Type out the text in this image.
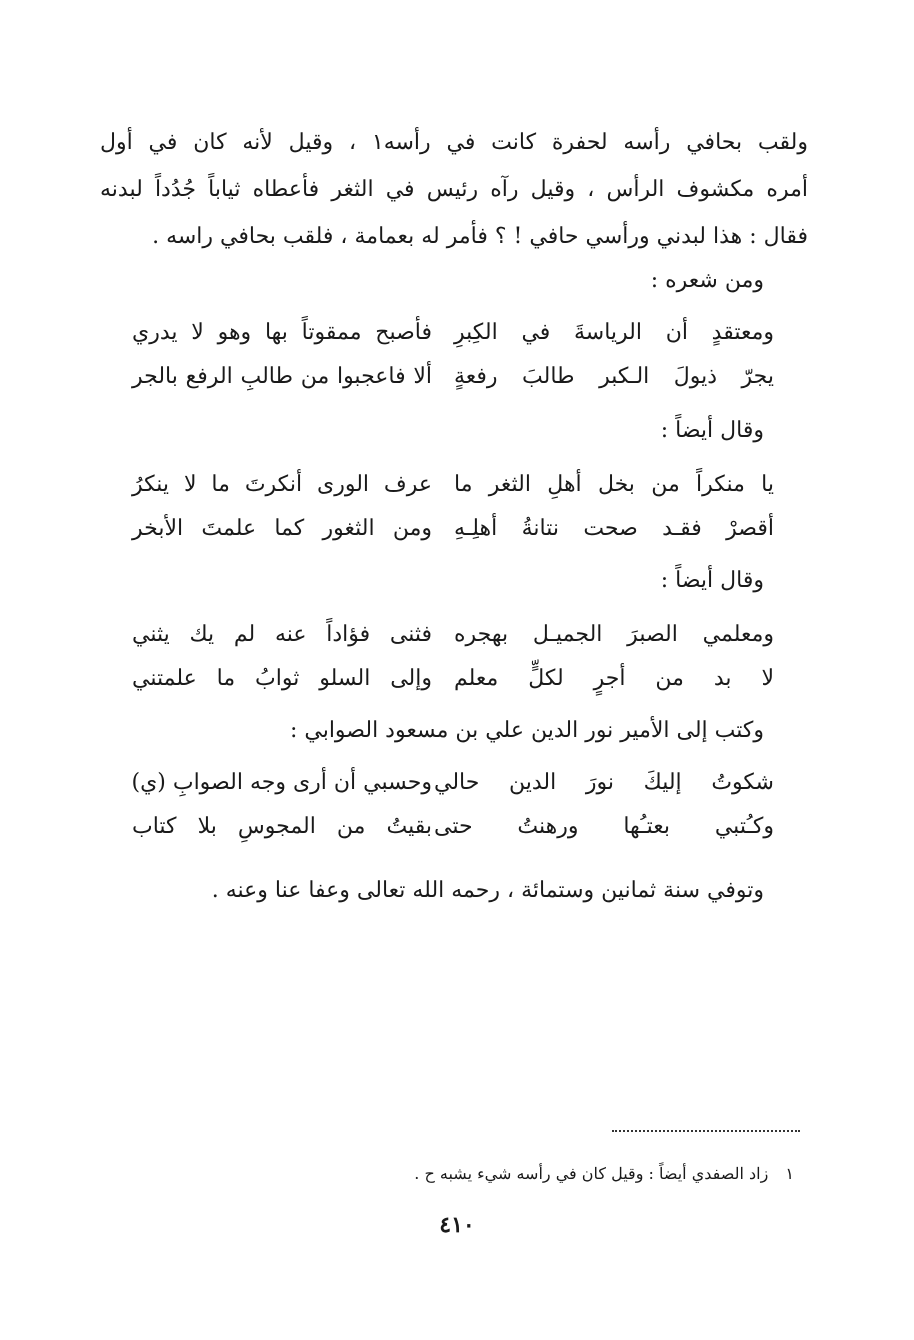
ولقب بحافي رأسه لحفرة كانت في رأسه١ ، وقيل لأنه كان في أول
أمره مكشوف الرأس ، وقيل رآه رئيس في الثغر فأعطاه ثياباً جُدُداً لبدنه
فقال : هذا لبدني ورأسي حافي ! ؟ فأمر له بعمامة ، فلقب بحافي راسه .
ومن شعره :
ومعتقدٍ أن الرياسةَ في الكِبرِ
فأصبح ممقوتاً بها وهو لا يدري
يجرّ ذيولَ الـكبر طالبَ رفعةٍ
ألا فاعجبوا من طالبِ الرفع بالجر
وقال أيضاً :
يا منكراً من بخل أهلِ الثغر ما
عرف الورى أنكرتَ ما لا ينكرُ
أقصرْ فقـد صحت نتانةُ أهلِـهِ
ومن الثغور كما علمتَ الأبخر
وقال أيضاً :
ومعلمي الصبرَ الجميـل بهجره
فثنى فؤاداً عنه لم يك يثني
لا بد من أجرٍ لكلٍّ معلم
وإلى السلو ثوابُ ما علمتني
وكتب إلى الأمير نور الدين علي بن مسعود الصوابي :
شكوتُ إليكَ نورَ الدين حالي
وحسبي أن أرى وجه الصوابِ (ي)
وكـُتبي بعتـُها ورهنتُ حتى
بقيتُ من المجوسِ بلا كتاب
وتوفي سنة ثمانين وستمائة ، رحمه الله تعالى وعفا عنا وعنه .
١ زاد الصفدي أيضاً : وقيل كان في رأسه شيء يشبه ح .
٤١٠
